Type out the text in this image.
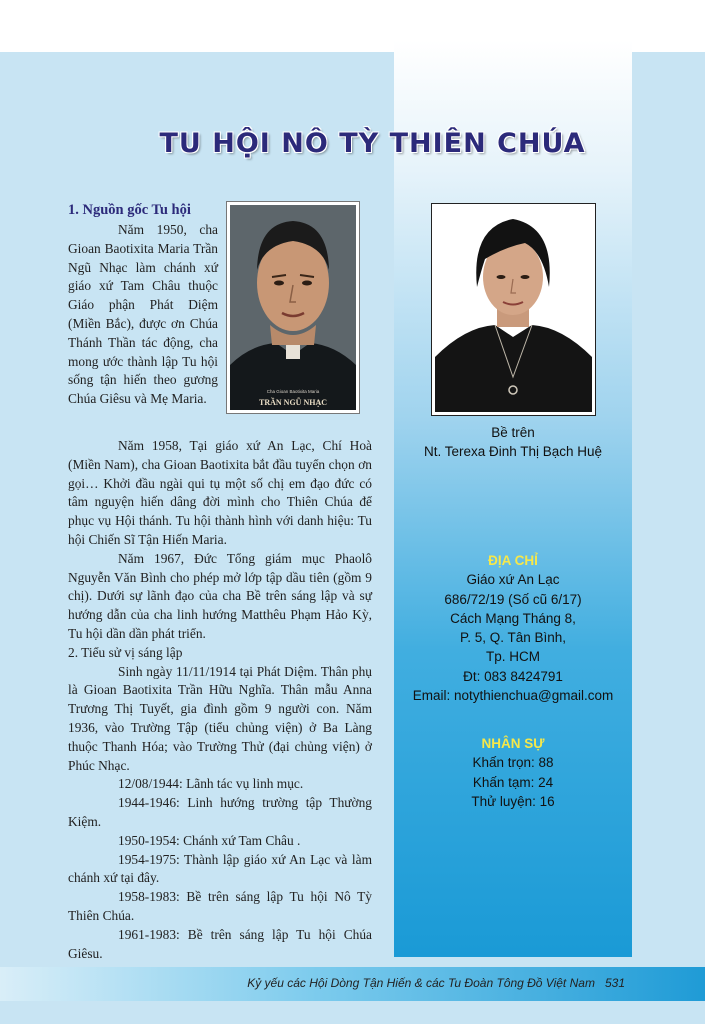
TU HỘI NÔ TỲ THIÊN CHÚA
1. Nguồn gốc Tu hội
Cha Gioan Baotixita Maria
TRẦN NGŨ NHẠC

Năm 1950, cha Gioan Baotixita Maria Trần Ngũ Nhạc làm chánh xứ giáo xứ Tam Châu thuộc Giáo phận Phát Diệm (Miền Bắc), được ơn Chúa Thánh Thần tác động, cha mong ước thành lập Tu hội sống tận hiến theo gương Chúa Giêsu và Mẹ Maria.

Năm 1958, Tại giáo xứ An Lạc, Chí Hoà (Miền Nam), cha Gioan Baotixita bắt đầu tuyển chọn ơn gọi… Khởi đầu ngài qui tụ một số chị em đạo đức có tâm nguyện hiến dâng đời mình cho Thiên Chúa để phục vụ Hội thánh. Tu hội thành hình với danh hiệu: Tu hội Chiến Sĩ Tận Hiến Maria.

Năm 1967, Đức Tổng giám mục Phaolô Nguyễn Văn Bình cho phép mở lớp tập dầu tiên (gồm 9 chị). Dưới sự lãnh đạo của cha Bề trên sáng lập và sự hướng dẫn của cha linh hướng Matthêu Phạm Hảo Kỳ, Tu hội dần dần phát triển.

2. Tiểu sử vị sáng lập

Sinh ngày 11/11/1914 tại Phát Diệm. Thân phụ là Gioan Baotixita Trần Hữu Nghĩa. Thân mẫu Anna Trương Thị Tuyết, gia đình gồm 9 người con. Năm 1936, vào Trường Tập (tiểu chủng viện) ở Ba Làng thuộc Thanh Hóa; vào Trường Thử (đại chủng viện) ở Phúc Nhạc.

12/08/1944: Lãnh tác vụ linh mục.

1944-1946: Linh hướng trường tập Thường Kiệm.

1950-1954: Chánh xứ Tam Châu .

1954-1975: Thành lập giáo xứ An Lạc và làm chánh xứ tại đây.

1958-1983: Bề trên sáng lập Tu hội Nô Tỳ Thiên Chúa.

1961-1983: Bề trên sáng lập Tu hội Chúa Giêsu.

Bề trên
Nt. Terexa Đinh Thị Bạch Huệ
ĐỊA CHỈ
Giáo xứ An Lạc
686/72/19 (Số cũ 6/17)
Cách Mạng Tháng 8,
P. 5, Q. Tân Bình,
Tp. HCM
Đt: 083 8424791
Email: notythienchua@gmail.com
NHÂN SỰ
Khấn trọn: 88
Khấn tạm: 24
Thử luyện: 16
Kỷ yếu các Hội Dòng Tận Hiến & các Tu Đoàn Tông Đồ Việt Nam 531
